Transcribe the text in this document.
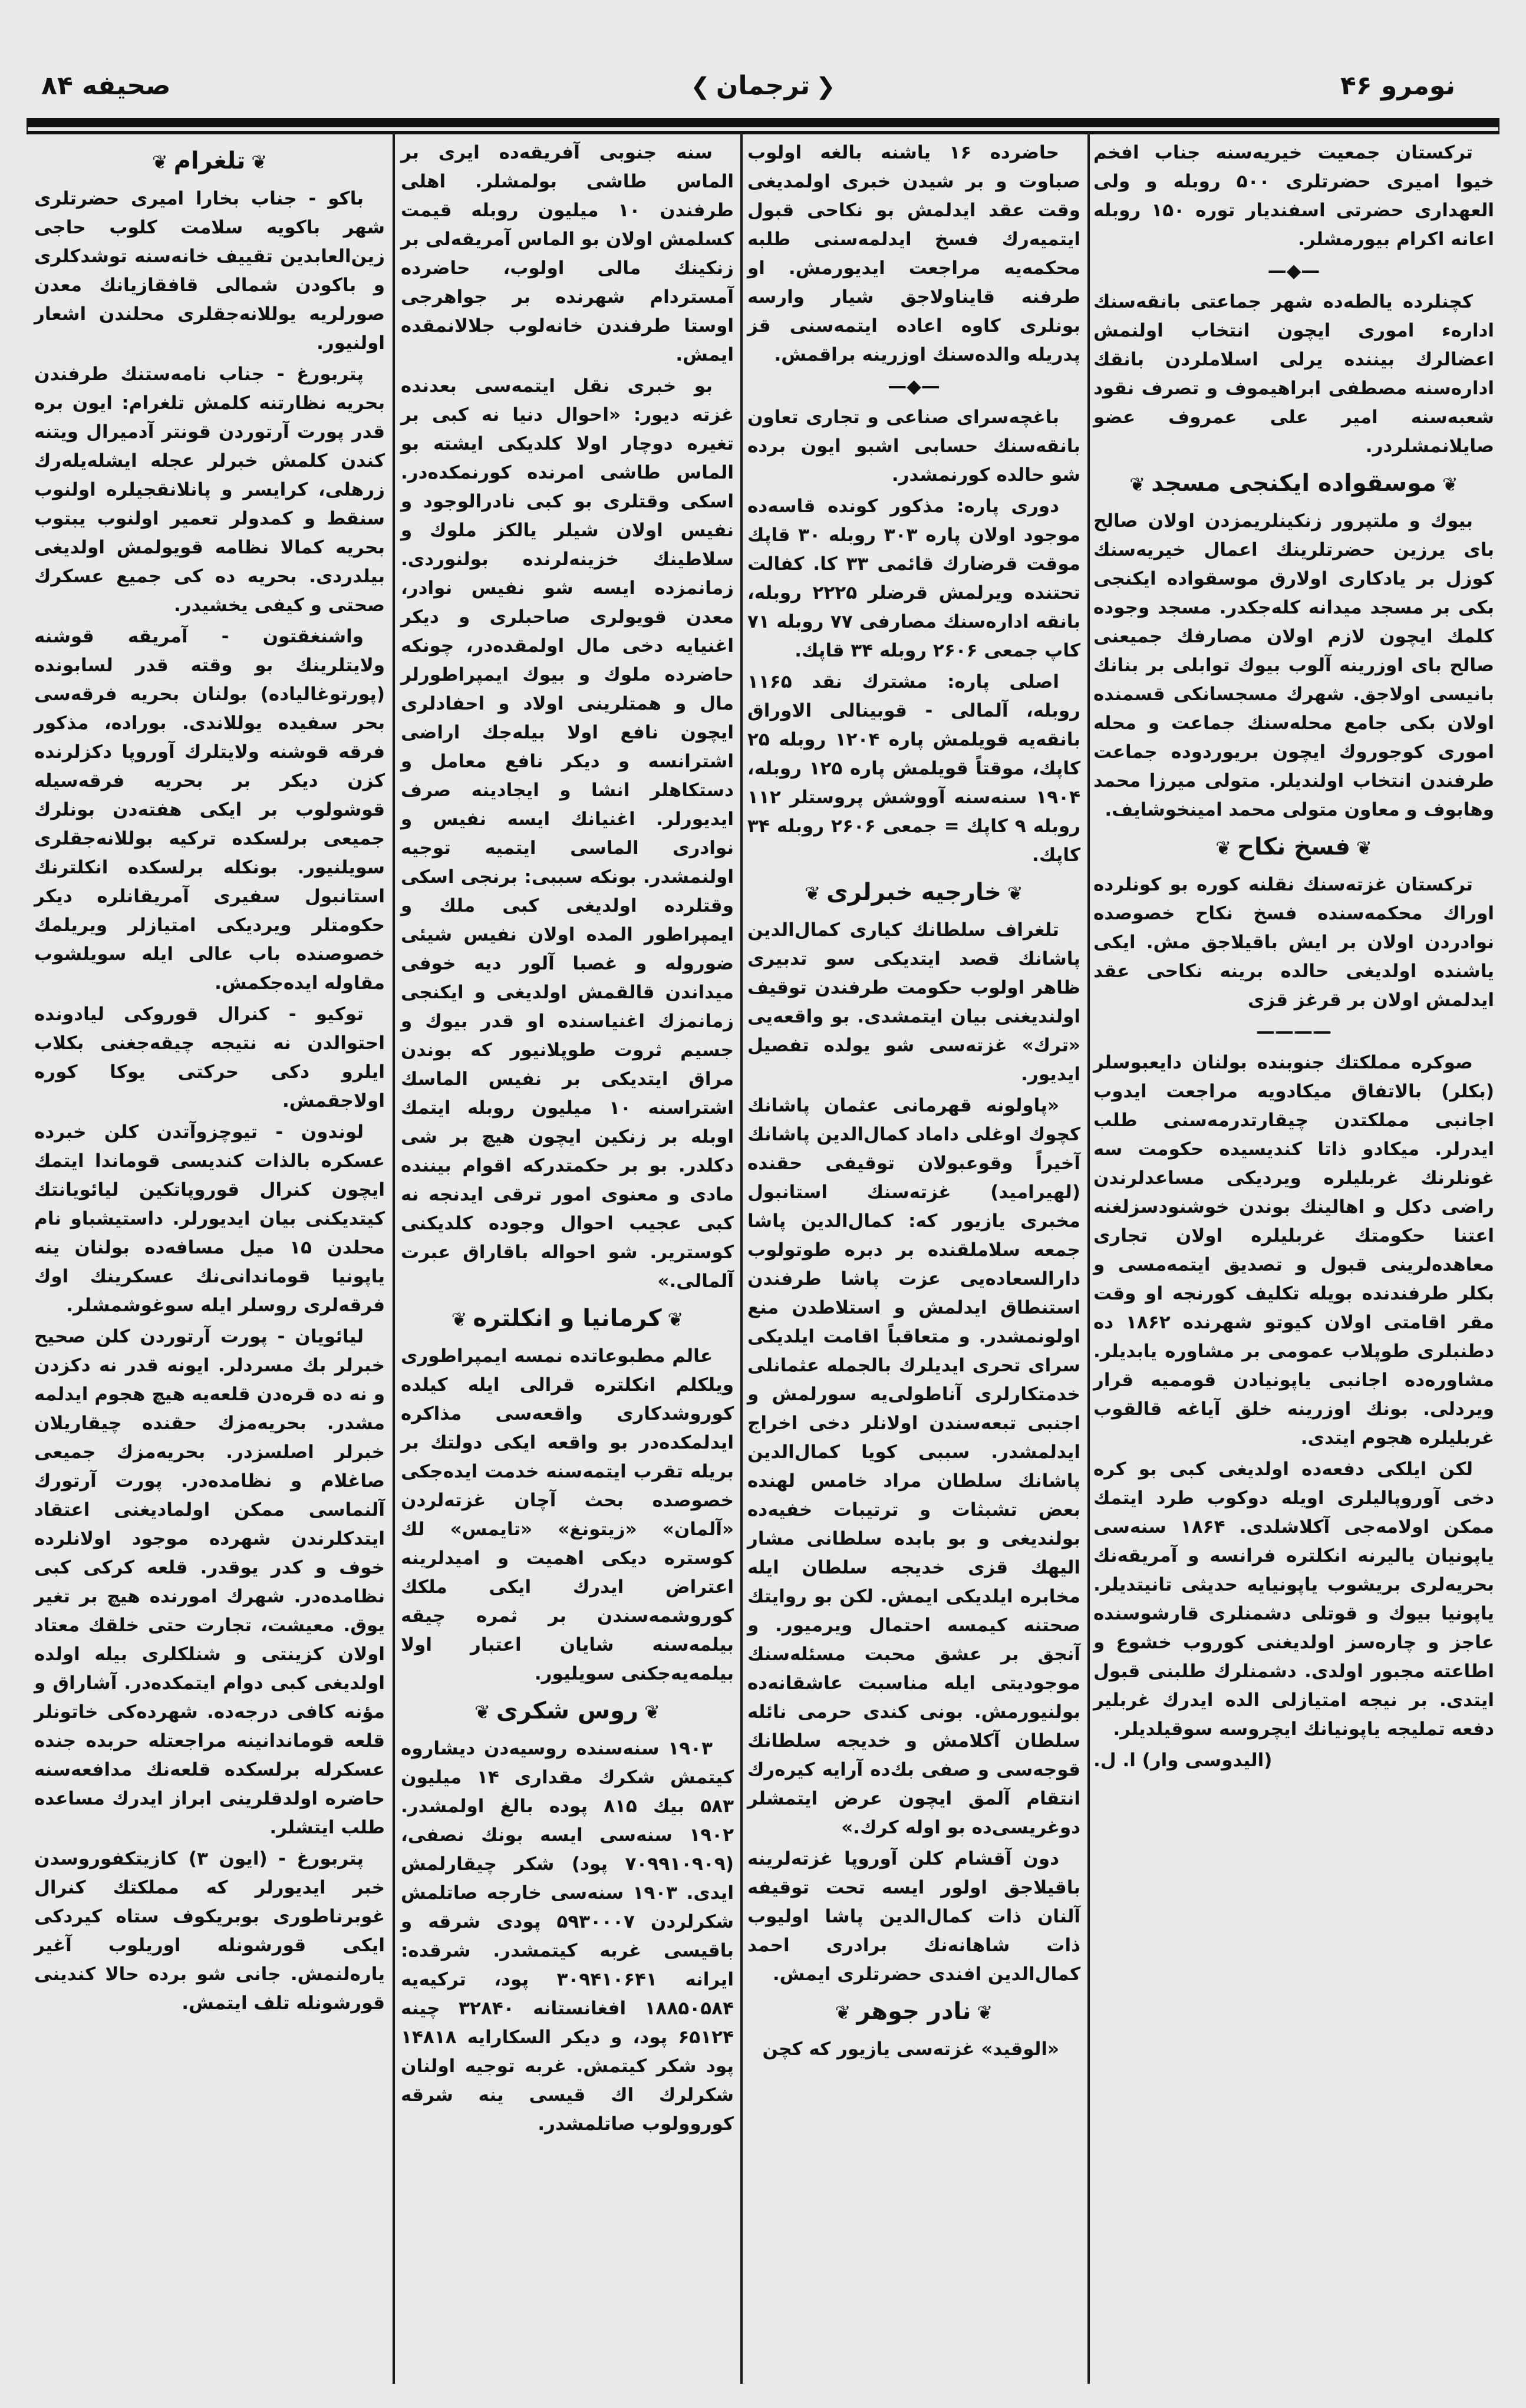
نومرو ۴۶
❮ترجمان❯
صحیفه ۸۴

ترکستان جمعیت خیریه‌سنه جناب افخم خیوا امیری حضرتلری ۵۰۰ روبله و ولی العهداری حضرتی اسفندیار توره ۱۵۰ روبله اعانه اکرام بیورمشلر.

—◆—

کچنلرده یالطه‌ده شهر جماعتی بانقه‌سنك اداره‌ء اموری ایچون انتخاب اولنمش اعضالرك بیننده یرلی اسلاملردن بانقك اداره‌سنه مصطفی ابراهیموف و تصرف نقود شعبه‌سنه امیر علی عمروف عضو صایلانمشلردر.

❦موسقواده ایکنجی مسجد❦

بیوك و ملتپرور زنکینلریمزدن اولان صالح بای یرزین حضرتلرینك اعمال خیریه‌سنك کوزل بر یادکاری اولارق موسقواده ایکنجی بکی بر مسجد میدانه کله‌جکدر. مسجد وجوده کلمك ایچون لازم اولان مصارفك جمیعنی صالح بای اوزرینه آلوب بیوك توابلی بر بنانك بانیسی اولاجق. شهرك مسجسانکی قسمنده اولان بکی جامع محله‌سنك جماعت و محله اموری کوجوروك ایچون بریوردوده جماعت طرفندن انتخاب اولندیلر. متولی میرزا محمد وهابوف و معاون متولی محمد امینخوشایف.

❦فسخ نکاح❦

ترکستان غزته‌سنك نقلنه کوره بو کونلرده اوراك محکمه‌سنده فسخ نکاح خصوصده نوادردن اولان بر ایش باقیلاجق مش. ایکی یاشنده اولدیغی حالده برینه نکاحی عقد ایدلمش اولان بر قرغز قزی

————

صوکره مملکتك جنوبنده بولنان دایعبوسلر (بکلر) بالاتفاق میکادویه مراجعت ایدوب اجانبی مملکتدن چیقارتدرمه‌سنی طلب ایدرلر. میکادو ذاتا کندیسیده حکومت سه غونلرنك غربلیلره ویردیکی مساعدلرندن راضی دکل و اهالینك بوندن خوشنودسزلغنه اعتنا حکومتك غربلیلره اولان تجاری معاهده‌لرینی قبول و تصدیق ایتمه‌مسی و بکلر طرفندنده بویله تکلیف کورنجه او وقت مقر اقامتی اولان کیوتو شهرنده ۱۸۶۲ ده دطنبلری طوپلاب عمومی بر مشاوره یابدیلر. مشاوره‌ده اجانبی یاپونیادن قوممیه قرار ویردلی. بونك اوزرینه خلق آیاغه قالقوب غربلیلره هجوم ایتدی.

لکن ایلکی دفعه‌ده اولدیغی کبی بو کره دخی آوروپالیلری اویله دوکوب طرد ایتمك ممکن اولامه‌جی آکلاشلدی. ۱۸۶۴ سنه‌سی یاپونیان یالیرنه انکلتره فرانسه و آمریقه‌نك بحریه‌لری بریشوب یاپونیایه حدیثی تانیتدیلر. یاپونیا بیوك و قوتلی دشمنلری قارشوسنده عاجز و چاره‌سز اولدیغنی کوروب خشوع و اطاعته مجبور اولدی. دشمنلرك طلبنی قبول ایتدی. بر نیجه امتیازلی الده ایدرك غربلیر دفعه تملیجه یاپونیانك ایچروسه سوقیلدیلر.

(الیدوسی وار) ا. ل.

حاضرده ۱۶ یاشنه بالغه اولوب صباوت و بر شیدن خبری اولمدیغی وقت عقد ایدلمش بو نکاحی قبول ایتمیه‌رك فسخ ایدلمه‌سنی طلبه محکمه‌یه مراجعت ایدیورمش. او طرفنه قایناولاجق شیار وارسه بونلری کاوه اعاده ایتمه‌سنی قز پدریله والده‌سنك اوزرینه براقمش.

—◆—

باغچه‌سرای صناعی و تجاری تعاون بانقه‌سنك حسابی اشبو ایون برده شو حالده کورنمشدر.

دوری پاره: مذکور کونده قاسه‌ده موجود اولان پاره ۳۰۳ روبله ۳۰ قاپك موقت قرضارك قائمی ۳۳ کا. کفالت تحتنده ویرلمش قرضلر ۲۲۲۵ روبله، بانقه اداره‌سنك مصارفی ۷۷ روبله ۷۱ کاپ جمعی ۲۶۰۶ روبله ۳۴ قاپك.

اصلی پاره: مشترك نقد ۱۱۶۵ روبله، آلمالی - قوبینالی الاوراق بانقه‌یه قویلمش پاره ۱۲۰۴ روبله ۲۵ کاپك، موقتاً قویلمش پاره ۱۲۵ روبله، ۱۹۰۴ سنه‌سنه آووشش پروستلر ۱۱۲ روبله ۹ کاپك = جمعی ۲۶۰۶ روبله ۳۴ کاپك.

❦خارجیه خبرلری❦

تلغراف سلطانك کیاری کمال‌الدین پاشانك قصد ایتدیکی سو تدبیری ظاهر اولوب حکومت طرفندن توقیف اولندیغنی بیان ایتمشدی. بو واقعه‌یی «ترك» غزته‌سی شو یولده تفصیل ایدیور.

«پاولونه قهرمانی عثمان پاشانك کچوك اوغلی داماد کمال‌الدین پاشانك آخیراً وقوعبولان توقیفی حقنده (لهیرامید) غزته‌سنك استانبول مخبری یازیور که: کمال‌الدین پاشا جمعه سلاملقنده بر دبره طوتولوب دارالسعاده‌یی عزت پاشا طرفندن استنطاق ایدلمش و استلاطدن منع اولونمشدر. و متعاقباً اقامت ایلدیکی سرای تحری ایدیلرك بالجمله عثمانلی خدمتکارلری آناطولی‌یه سورلمش و اجنبی تبعه‌سندن اولانلر دخی اخراج ایدلمشدر. سببی کویا کمال‌الدین پاشانك سلطان مراد خامس لهنده بعض تشبثات و ترتیبات خفیه‌ده بولندیغی و بو بابده سلطانی مشار الیهك قزی خدیجه سلطان ایله مخابره ایلدیکی ایمش. لکن بو روایتك صحتنه کیمسه احتمال ویرمیور. و آنجق بر عشق محبت مسئله‌سنك موجودیتی ایله مناسبت عاشقانه‌ده بولنیورمش. بونی کندی حرمی نائله سلطان آکلامش و خدیجه سلطانك قوجه‌سی و صفی بك‌ده آرایه کیره‌رك انتقام آلمق ایچون عرض ایتمشلر دوغریسی‌ده بو اوله کرك.»

دون آقشام کلن آوروپا غزته‌لرینه باقیلاجق اولور ایسه تحت توقیفه آلنان ذات کمال‌الدین پاشا اولیوب ذات شاهانه‌نك برادری احمد کمال‌الدین افندی حضرتلری ایمش.

❦نادر جوهر❦

«الوقید» غزته‌سی یازیور که کچن

سنه جنوبی آفریقه‌ده ایری بر الماس طاشی بولمشلر. اهلی طرفندن ۱۰ میلیون روبله قیمت کسلمش اولان بو الماس آمریقه‌لی بر زنکینك مالی اولوب، حاضرده آمستردام شهرنده بر جواهرجی اوستا طرفندن خانه‌لوب جلالانمقده ایمش.

بو خبری نقل ایتمه‌سی بعدنده غزته دیور: «احوال دنیا نه کبی بر تغیره دوچار اولا کلدیکی ایشته بو الماس طاشی امرنده کورنمکده‌در. اسکی وقتلری بو کبی نادرالوجود و نفیس اولان شیلر یالکز ملوك و سلاطینك خزینه‌لرنده بولنوردی. زمانمزده ایسه شو نفیس نوادر، معدن قویولری صاحبلری و دیکر اغنیایه دخی مال اولمقده‌در، چونکه حاضرده ملوك و بیوك ایمپراطورلر مال و همتلرینی اولاد و احفادلری ایچون نافع اولا بیله‌جك اراضی اشترانسه و دیکر نافع معامل و دستکاهلر انشا و ایجادینه صرف ایدیورلر. اغنیانك ایسه نفیس و نوادری الماسی ایتمیه توجیه اولنمشدر. بونکه سببی: برنجی اسکی وقتلرده اولدیغی کبی ملك و ایمپراطور المده اولان نفیس شیئی ضوروله و غصبا آلور دیه خوفی میداندن قالقمش اولدیغی و ایکنجی زمانمزك اغنیاسنده او قدر بیوك و جسیم ثروت طوپلانیور که بوندن مراق ایتدیکی بر نفیس الماسك اشتراسنه ۱۰ میلیون روبله ایتمك اوبله بر زنکین ایچون هیچ بر شی دکلدر. بو بر حکمتدرکه اقوام بیننده مادی و معنوی امور ترقی ایدنجه نه کبی عجیب احوال وجوده کلدیکنی کوستریر. شو احواله باقاراق عبرت آلمالی.»

❦کرمانیا و انکلتره❦

عالم مطبوعاتده نمسه ایمپراطوری ویلکلم انکلتره قرالی ایله کیلده کوروشدکاری واقعه‌سی مذاکره ایدلمکده‌در بو واقعه ایکی دولتك بر بریله تقرب ایتمه‌سنه خدمت ایده‌جکی خصوصده بحث آچان غزته‌لردن «آلمان» «زیتونغ» «تایمس» لك کوستره دیکی اهمیت و امیدلرینه اعتراض ایدرك ایکی ملکك کوروشمه‌سندن بر ثمره چیقه بیلمه‌سنه شایان اعتبار اولا بیلمه‌یه‌جکنی سویلیور.

❦روس شکری❦

۱۹۰۳ سنه‌سنده روسیه‌دن دیشاروه کیتمش شکرك مقداری ۱۴ میلیون ۵۸۳ بیك ۸۱۵ پوده بالغ اولمشدر. ۱۹۰۲ سنه‌سی ایسه بونك نصفی، (۷۰۹۹۱۰۹۰۹ پود) شکر چیقارلمش ایدی. ۱۹۰۳ سنه‌سی خارجه صاتلمش شکرلردن ۵۹۳۰۰۰۷ پودی شرقه و باقیسی غربه کیتمشدر. شرقده: ایرانه ۳۰۹۴۱۰۶۴۱ پود، ترکیه‌یه ۱۸۸۵۰۵۸۴ افغانستانه ۳۲۸۴۰ چینه ۶۵۱۲۴ پود، و دیکر السکارایه ۱۴۸۱۸ پود شکر کیتمش. غربه توجیه اولنان شکرلرك اك قیسی ینه شرقه کوروولوب صاتلمشدر.

❦تلغرام❦

باکو - جناب بخارا امیری حضرتلری شهر باکویه سلامت کلوب حاجی زین‌العابدین تقییف خانه‌سنه توشدکلری و باکودن شمالی قافقازیانك معدن صورلریه یوللانه‌جقلری محلندن اشعار اولنیور.

پتربورغ - جناب نامه‌ستنك طرفندن بحریه نظارتنه کلمش تلغرام: ایون بره قدر پورت آرتوردن قونتر آدمیرال ویتنه کندن کلمش خبرلر عجله ایشله‌یله‌رك زرهلی، کرایسر و پانلانقجیلره اولنوب سنقط و کمدولر تعمیر اولنوب یبتوب بحریه کمالا نظامه قویولمش اولدیغی بیلدردی. بحریه ده کی جمیع عسکرك صحتی و کیفی یخشیدر.

واشنغقتون - آمریقه قوشنه ولایتلرینك بو وقته قدر لسابونده (پورتوغالیاده) بولنان بحریه فرقه‌سی بحر سفیده یوللاندی. بوراده، مذکور فرقه قوشنه ولایتلرك آوروپا دکزلرنده کزن دیکر بر بحریه فرقه‌سیله قوشولوب بر ایکی هفته‌دن بونلرك جمیعی برلسکده ترکیه بوللانه‌جقلری سویلنیور. بونکله برلسکده انکلترنك استانبول سفیری آمریقانلره دیکر حکومتلر ویردیکی امتیازلر ویریلمك خصوصنده باب عالی ایله سویلشوب مقاوله ایده‌جکمش.

توکیو - کنرال قوروکی لیادونده احتوالدن نه نتیجه چیقه‌جغنی بکلاب ایلرو دکی حرکتی یوکا کوره اولاجقمش.

لوندون - تیوچزوآتدن کلن خبرده عسکره بالذات کندیسی قوماندا ایتمك ایچون کنرال قوروپاتکین لیائویانتك کیتدیکنی بیان ایدیورلر. داستیشباو نام محلدن ۱۵ میل مسافه‌ده بولنان ینه یاپونیا قوماندانی‌نك عسکرینك اوك فرقه‌لری روسلر ایله سوغوشمشلر.

لیائویان - پورت آرتوردن کلن صحیح خبرلر بك مسردلر. ایونه قدر نه دکزدن و نه ده قره‌دن قلعه‌یه هیچ هجوم ایدلمه مشدر. بحریه‌مزك حقنده چیقاریلان خبرلر اصلسزدر. بحریه‌مزك جمیعی صاغلام و نظامده‌در. پورت آرتورك آلنماسی ممکن اولمادیغنی اعتقاد ایتدکلرندن شهرده موجود اولانلرده خوف و کدر یوقدر. قلعه کرکی کبی نظامده‌در. شهرك امورنده هیچ بر تغیر یوق. معیشت، تجارت حتی خلقك معتاد اولان کزینتی و شنلکلری بیله اولده اولدیغی کبی دوام ایتمکده‌در. آشاراق و مؤنه کافی درجه‌ده. شهرده‌کی خاتونلر قلعه قوماندانینه مراجعتله حربده جنده عسکرله برلسکده قلعه‌نك مدافعه‌سنه حاضره اولدقلرینی ابراز ایدرك مساعده طلب ایتشلر.

پتربورغ - (ایون ۳) کازیتکفوروسدن خبر ایدیورلر که مملکتك کنرال غوبرناطوری بوبریکوف ستاه کیردکی ایکی قورشونله اوریلوب آغیر یاره‌لنمش. جانی شو برده حالا کندینی قورشونله تلف ایتمش.
